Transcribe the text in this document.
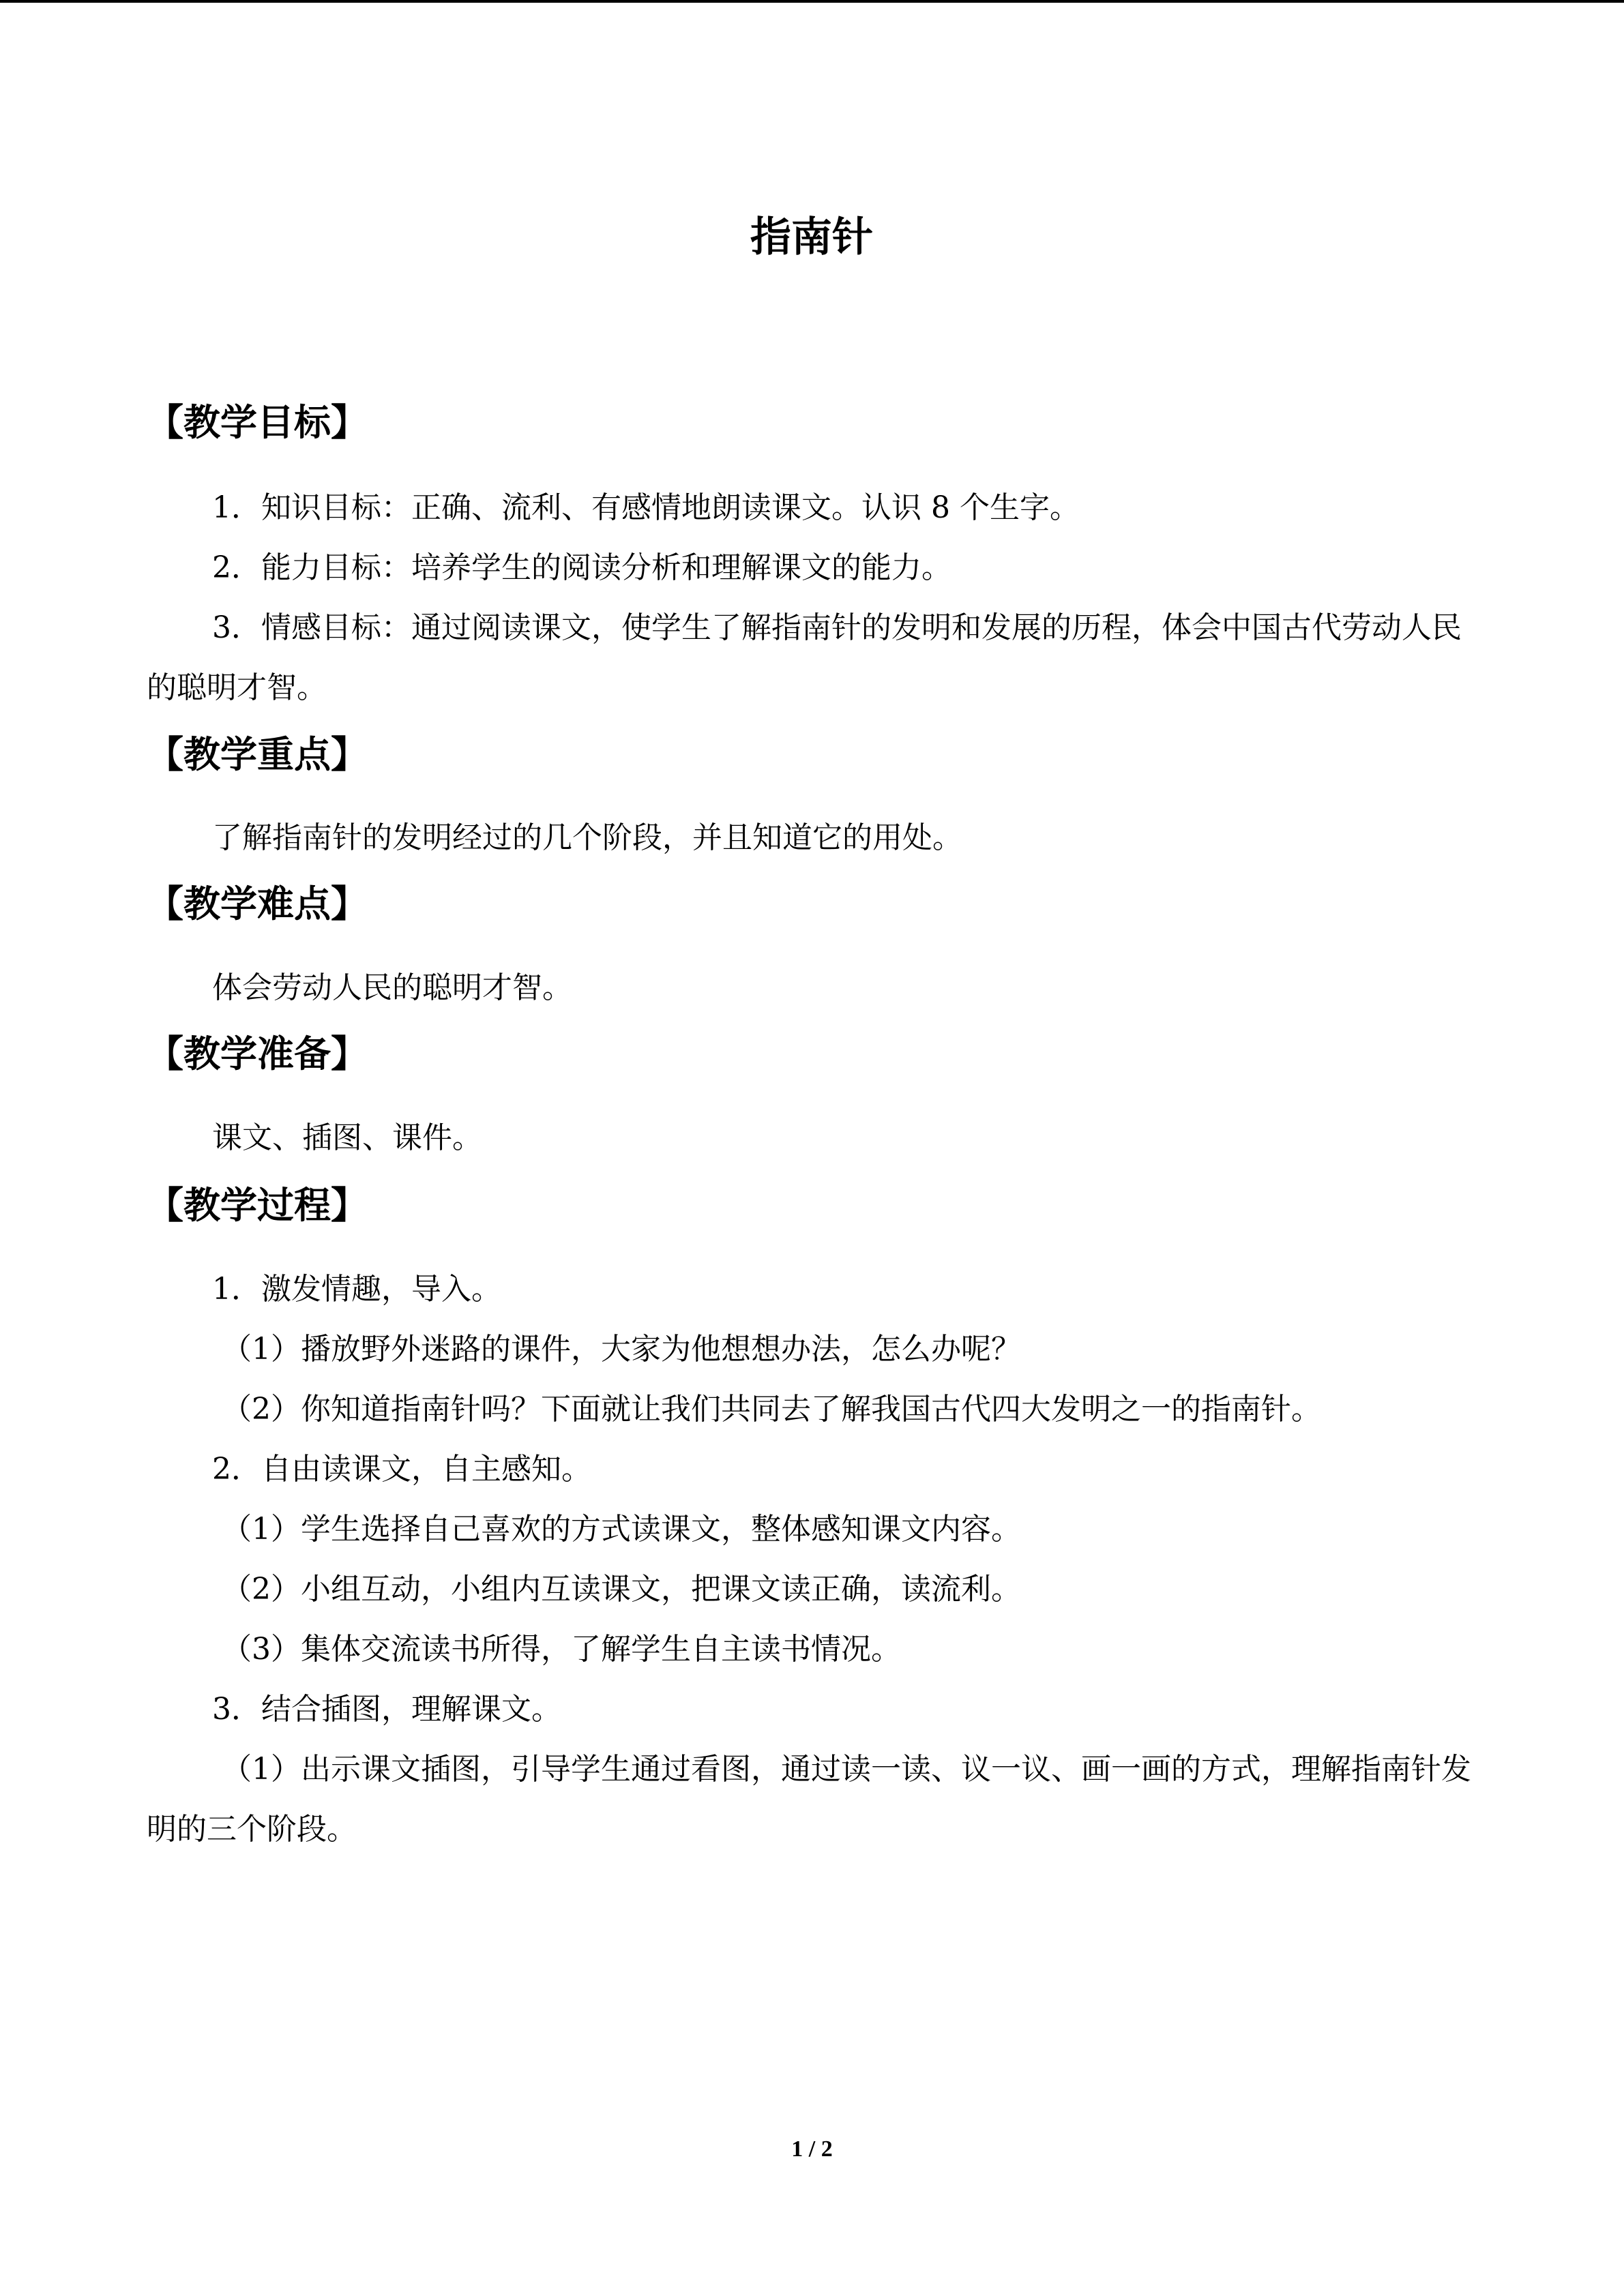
指南针
【教学目标】
1．知识目标：正确、流利、有感情地朗读课文。认识 8 个生字。
2．能力目标：培养学生的阅读分析和理解课文的能力。
3．情感目标：通过阅读课文，使学生了解指南针的发明和发展的历程，体会中国古代劳动人民的聪明才智。
【教学重点】
了解指南针的发明经过的几个阶段，并且知道它的用处。
【教学难点】
体会劳动人民的聪明才智。
【教学准备】
课文、插图、课件。
【教学过程】
1．激发情趣，导入。
（1）播放野外迷路的课件，大家为他想想办法，怎么办呢？
（2）你知道指南针吗？下面就让我们共同去了解我国古代四大发明之一的指南针。
2．自由读课文，自主感知。
（1）学生选择自己喜欢的方式读课文，整体感知课文内容。
（2）小组互动，小组内互读课文，把课文读正确，读流利。
（3）集体交流读书所得，了解学生自主读书情况。
3．结合插图，理解课文。
（1）出示课文插图，引导学生通过看图，通过读一读、议一议、画一画的方式，理解指南针发明的三个阶段。
1 / 2
